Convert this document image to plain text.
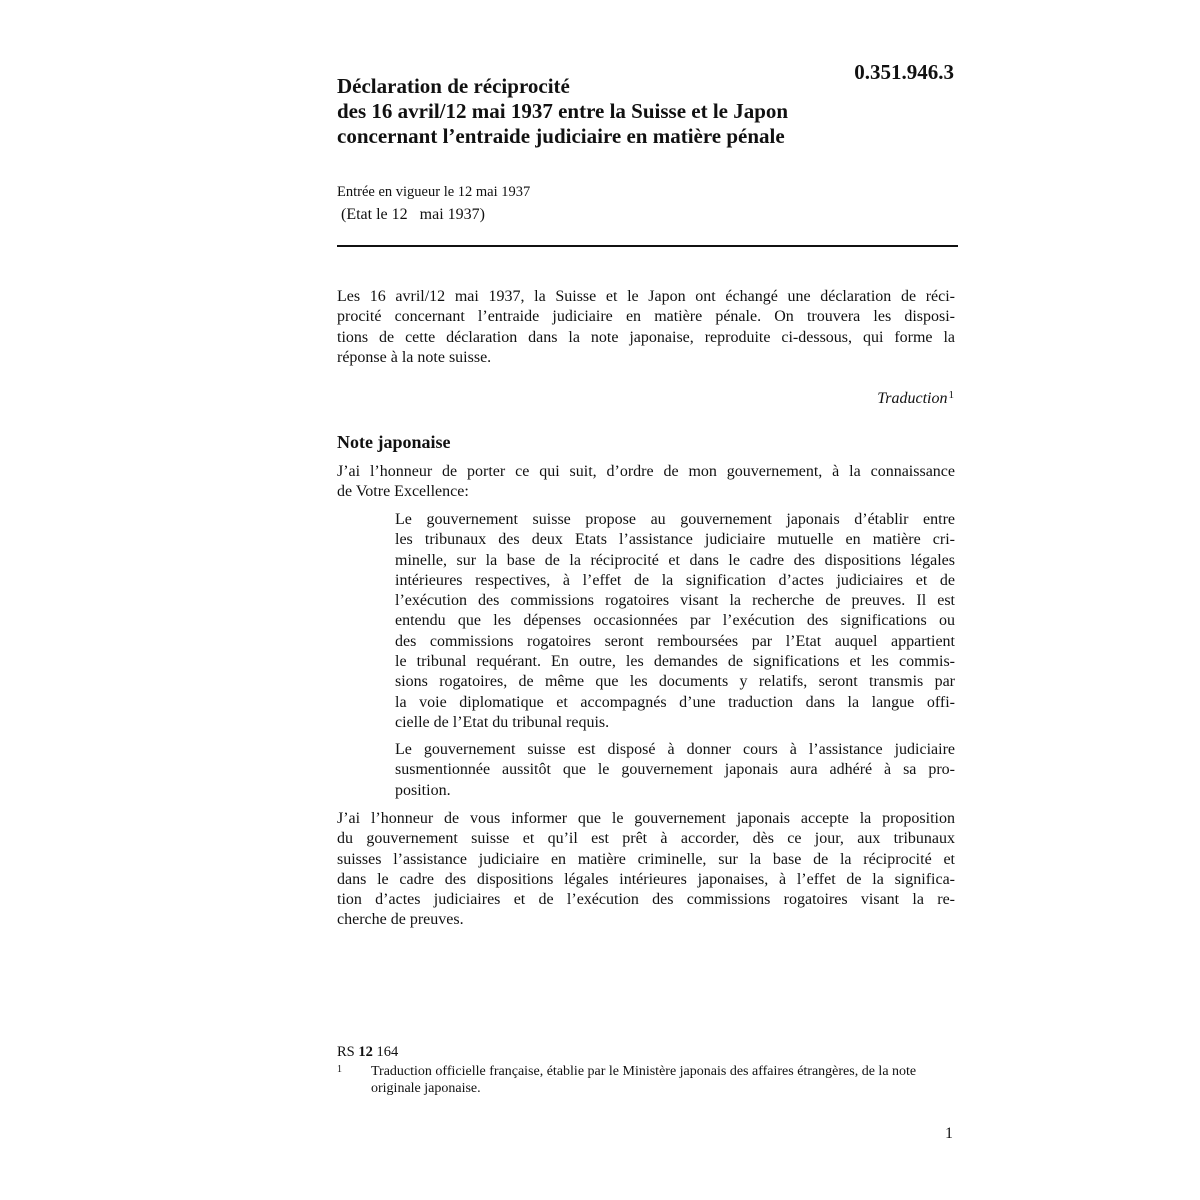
0.351.946.3

Déclaration de réciprocité
des 16 avril/12 mai 1937 entre la Suisse et le Japon
concernant l’entraide judiciaire en matière pénale

Entrée en vigueur le 12 mai 1937

(Etat le 12   mai 1937)

Les 16 avril/12 mai 1937, la Suisse et le Japon ont échangé une déclaration de réci-
procité concernant l’entraide judiciaire en matière pénale. On trouvera les disposi-
tions de cette déclaration dans la note japonaise, reproduite ci-dessous, qui forme la
réponse à la note suisse.

Traduction$^1$

Note japonaise
J’ai l’honneur de porter ce qui suit, d’ordre de mon gouvernement, à la connaissance
de Votre Excellence:
Le gouvernement suisse propose au gouvernement japonais d’établir entre
les tribunaux des deux Etats l’assistance judiciaire mutuelle en matière cri-
minelle, sur la base de la réciprocité et dans le cadre des dispositions légales
intérieures respectives, à l’effet de la signification d’actes judiciaires et de
l’exécution des commissions rogatoires visant la recherche de preuves. Il est
entendu que les dépenses occasionnées par l’exécution des significations ou
des commissions rogatoires seront remboursées par l’Etat auquel appartient
le tribunal requérant. En outre, les demandes de significations et les commis-
sions rogatoires, de même que les documents y relatifs, seront transmis par
la voie diplomatique et accompagnés d’une traduction dans la langue offi-
cielle de l’Etat du tribunal requis.
Le gouvernement suisse est disposé à donner cours à l’assistance judiciaire
susmentionnée aussitôt que le gouvernement japonais aura adhéré à sa pro-
position.
J’ai l’honneur de vous informer que le gouvernement japonais accepte la proposition
du gouvernement suisse et qu’il est prêt à accorder, dès ce jour, aux tribunaux
suisses l’assistance judiciaire en matière criminelle, sur la base de la réciprocité et
dans le cadre des dispositions légales intérieures japonaises, à l’effet de la significa-
tion d’actes judiciaires et de l’exécution des commissions rogatoires visant la re-
cherche de preuves.

RS 12 164

1 Traduction officielle française, établie par le Ministère japonais des affaires étrangères, de la note originale japonaise.

1
